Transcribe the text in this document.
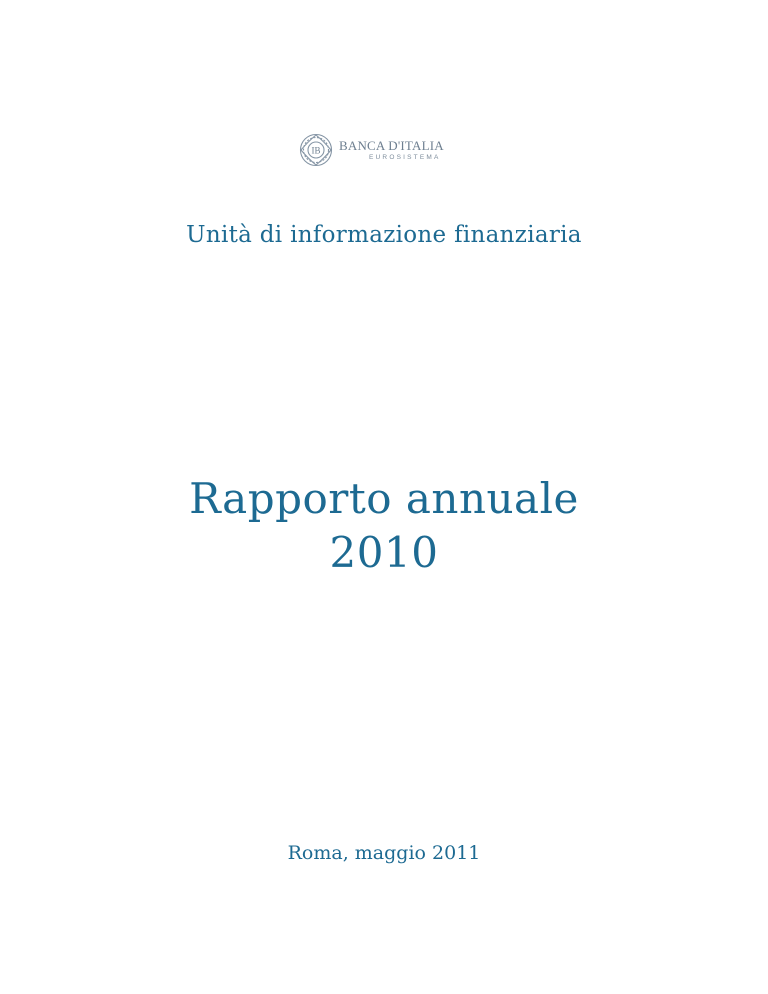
IB BANCA D'ITALIA
EUROSISTEMA
Unità di informazione finanziaria
Rapporto annuale
2010
Roma, maggio 2011
